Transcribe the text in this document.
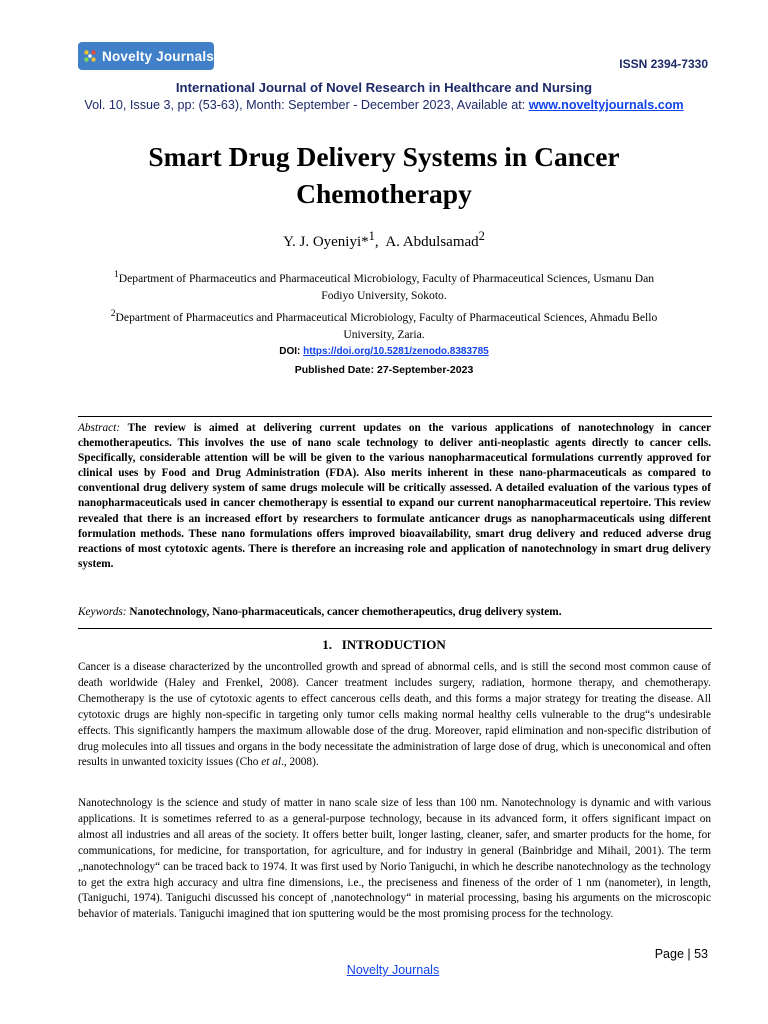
Novelty Journals
ISSN 2394-7330
International Journal of Novel Research in Healthcare and Nursing
Vol. 10, Issue 3, pp: (53-63), Month: September - December 2023, Available at: www.noveltyjournals.com
Smart Drug Delivery Systems in Cancer Chemotherapy
Y. J. Oyeniyi*$^1$,  A. Abdulsamad$^2$
$^1$Department of Pharmaceutics and Pharmaceutical Microbiology, Faculty of Pharmaceutical Sciences, Usmanu Dan Fodiyo University, Sokoto.
$^2$Department of Pharmaceutics and Pharmaceutical Microbiology, Faculty of Pharmaceutical Sciences, Ahmadu Bello University, Zaria.
DOI: https://doi.org/10.5281/zenodo.8383785
Published Date: 27-September-2023
Abstract: The review is aimed at delivering current updates on the various applications of nanotechnology in cancer chemotherapeutics. This involves the use of nano scale technology to deliver anti-neoplastic agents directly to cancer cells. Specifically, considerable attention will be will be given to the various nanopharmaceutical formulations currently approved for clinical uses by Food and Drug Administration (FDA). Also merits inherent in these nano-pharmaceuticals as compared to conventional drug delivery system of same drugs molecule will be critically assessed. A detailed evaluation of the various types of nanopharmaceuticals used in cancer chemotherapy is essential to expand our current nanopharmaceutical repertoire. This review revealed that there is an increased effort by researchers to formulate anticancer drugs as nanopharmaceuticals using different formulation methods. These nano formulations offers improved bioavailability, smart drug delivery and reduced adverse drug reactions of most cytotoxic agents. There is therefore an increasing role and application of nanotechnology in smart drug delivery system.
Keywords: Nanotechnology, Nano-pharmaceuticals, cancer chemotherapeutics, drug delivery system.
1.   INTRODUCTION
Cancer is a disease characterized by the uncontrolled growth and spread of abnormal cells, and is still the second most common cause of death worldwide (Haley and Frenkel, 2008). Cancer treatment includes surgery, radiation, hormone therapy, and chemotherapy. Chemotherapy is the use of cytotoxic agents to effect cancerous cells death, and this forms a major strategy for treating the disease. All cytotoxic drugs are highly non-specific in targeting only tumor cells making normal healthy cells vulnerable to the drug“s undesirable effects. This significantly hampers the maximum allowable dose of the drug. Moreover, rapid elimination and non-specific distribution of drug molecules into all tissues and organs in the body necessitate the administration of large dose of drug, which is uneconomical and often results in unwanted toxicity issues (Cho et al., 2008).
Nanotechnology is the science and study of matter in nano scale size of less than 100 nm. Nanotechnology is dynamic and with various applications. It is sometimes referred to as a general-purpose technology, because in its advanced form, it offers significant impact on almost all industries and all areas of the society. It offers better built, longer lasting, cleaner, safer, and smarter products for the home, for communications, for medicine, for transportation, for agriculture, and for industry in general (Bainbridge and Mihail, 2001). The term „nanotechnology“ can be traced back to 1974. It was first used by Norio Taniguchi, in which he describe nanotechnology as the technology to get the extra high accuracy and ultra fine dimensions, i.e., the preciseness and fineness of the order of 1 nm (nanometer), in length, (Taniguchi, 1974). Taniguchi discussed his concept of ‚nanotechnology“ in material processing, basing his arguments on the microscopic behavior of materials. Taniguchi imagined that ion sputtering would be the most promising process for the technology.
Page | 53
Novelty Journals
